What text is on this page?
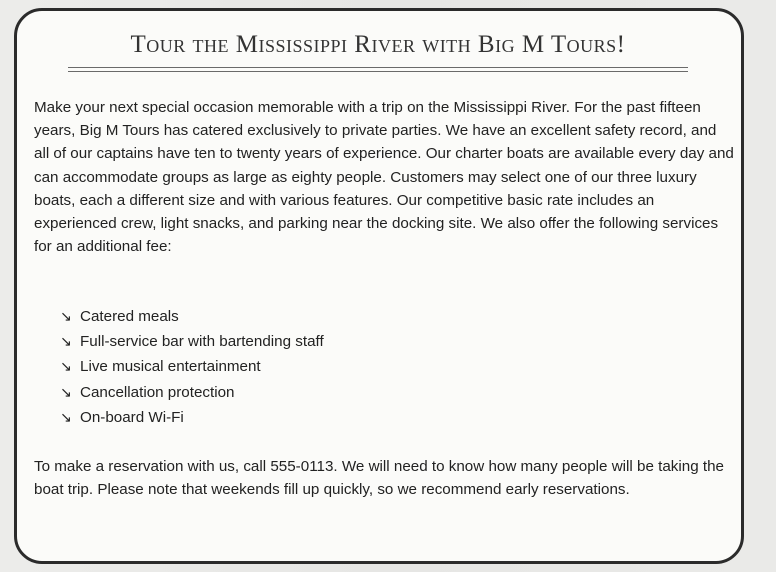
Tour the Mississippi River with Big M Tours!

Make your next special occasion memorable with a trip on the Mississippi River. For the past fifteen years, Big M Tours has catered exclusively to private parties. We have an excellent safety record, and all of our captains have ten to twenty years of experience. Our charter boats are available every day and can accommodate groups as large as eighty people. Customers may select one of our three luxury boats, each a different size and with various features. Our competitive basic rate includes an experienced crew, light snacks, and parking near the docking site. We also offer the following services for an additional fee:

↘ Catered meals
↘ Full-service bar with bartending staff
↘ Live musical entertainment
↘ Cancellation protection
↘ On-board Wi-Fi

To make a reservation with us, call 555-0113. We will need to know how many people will be taking the boat trip. Please note that weekends fill up quickly, so we recommend early reservations.
